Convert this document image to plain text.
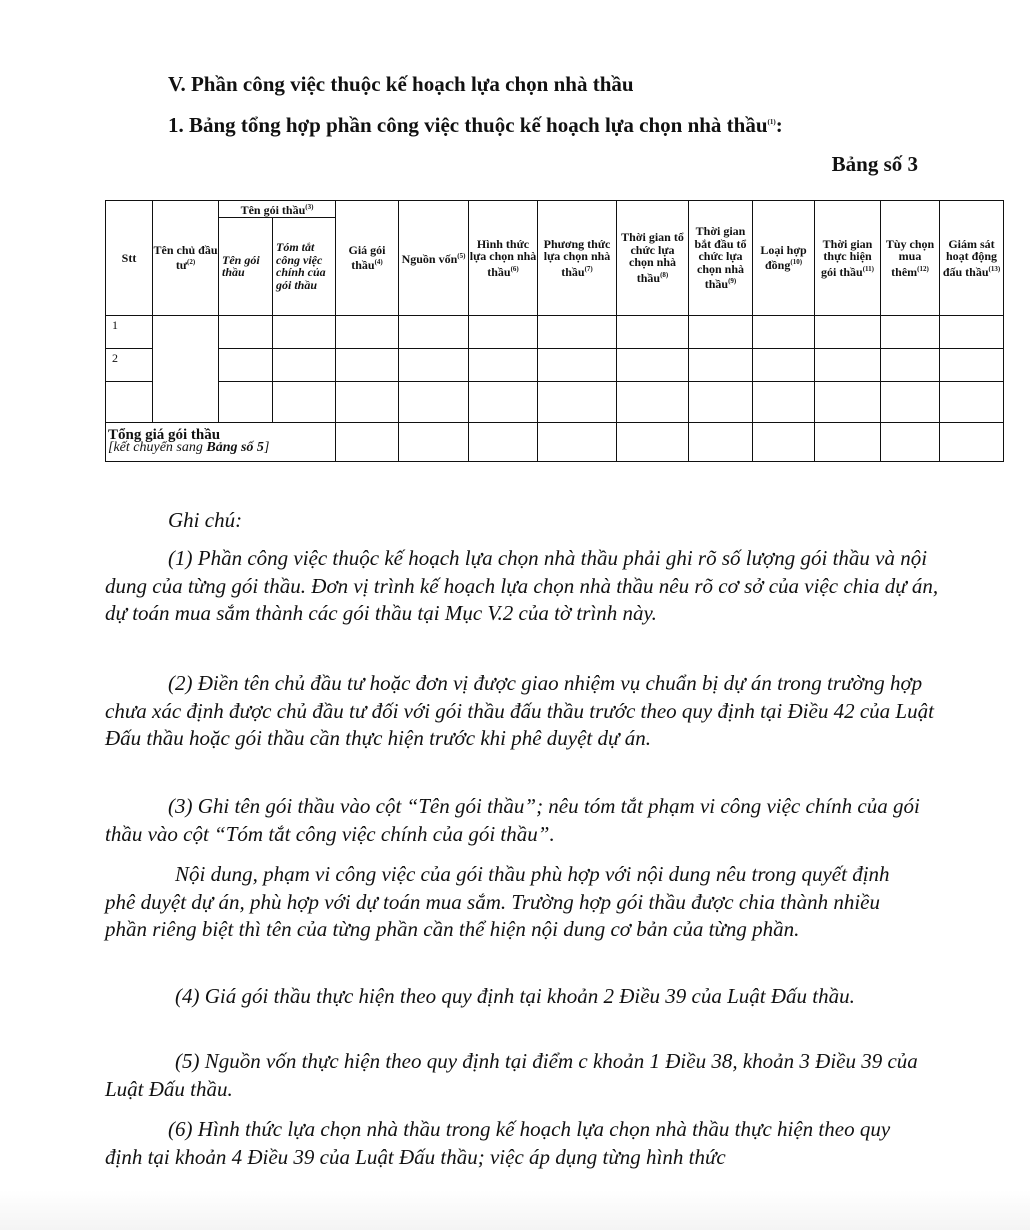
V. Phần công việc thuộc kế hoạch lựa chọn nhà thầu
1. Bảng tổng hợp phần công việc thuộc kế hoạch lựa chọn nhà thầu$^{(1)}$:
Bảng số 3
Stt	Tên chủ đầu $tư^{(2)}$	Tên gói thầu$^{(3)}$		Giá gói thầu$^{(4)}$	Nguồn vốn$^{(5)}$	Hình thức lựa chọn nhà thầu$^{(6)}$	Phương thức lựa chọn nhà thầu$^{(7)}$	Thời gian tổ chức lựa chọn nhà thầu$^{(8)}$	Thời gian bắt đầu tổ chức lựa chọn nhà thầu$^{(9)}$	Loại hợp đồng$^{(10)}$	Thời gian thực hiện gói thầu$^{(11)}$	Tùy chọn mua thêm$^{(12)}$	Giám sát hoạt động đấu thầu$^{(13)}$
		Tên gói thầu	Tóm tắt công việc chính của gói thầu										
1													
2													

Tổng giá gói thầu
[kết chuyển sang Bảng số 5]													
Ghi chú:
(1) Phần công việc thuộc kế hoạch lựa chọn nhà thầu phải ghi rõ số lượng gói thầu và nội dung của từng gói thầu. Đơn vị trình kế hoạch lựa chọn nhà thầu nêu rõ cơ sở của việc chia dự án, dự toán mua sắm thành các gói thầu tại Mục V.2 của tờ trình này.
(2) Điền tên chủ đầu tư hoặc đơn vị được giao nhiệm vụ chuẩn bị dự án trong trường hợp chưa xác định được chủ đầu tư đối với gói thầu đấu thầu trước theo quy định tại Điều 42 của Luật Đấu thầu hoặc gói thầu cần thực hiện trước khi phê duyệt dự án.
(3) Ghi tên gói thầu vào cột “Tên gói thầu”; nêu tóm tắt phạm vi công việc chính của gói thầu vào cột “Tóm tắt công việc chính của gói thầu”.
Nội dung, phạm vi công việc của gói thầu phù hợp với nội dung nêu trong quyết định phê duyệt dự án, phù hợp với dự toán mua sắm. Trường hợp gói thầu được chia thành nhiều phần riêng biệt thì tên của từng phần cần thể hiện nội dung cơ bản của từng phần.
(4) Giá gói thầu thực hiện theo quy định tại khoản 2 Điều 39 của Luật Đấu thầu.
(5) Nguồn vốn thực hiện theo quy định tại điểm c khoản 1 Điều 38, khoản 3 Điều 39 của Luật Đấu thầu.
(6) Hình thức lựa chọn nhà thầu trong kế hoạch lựa chọn nhà thầu thực hiện theo quy định tại khoản 4 Điều 39 của Luật Đấu thầu; việc áp dụng từng hình thức
